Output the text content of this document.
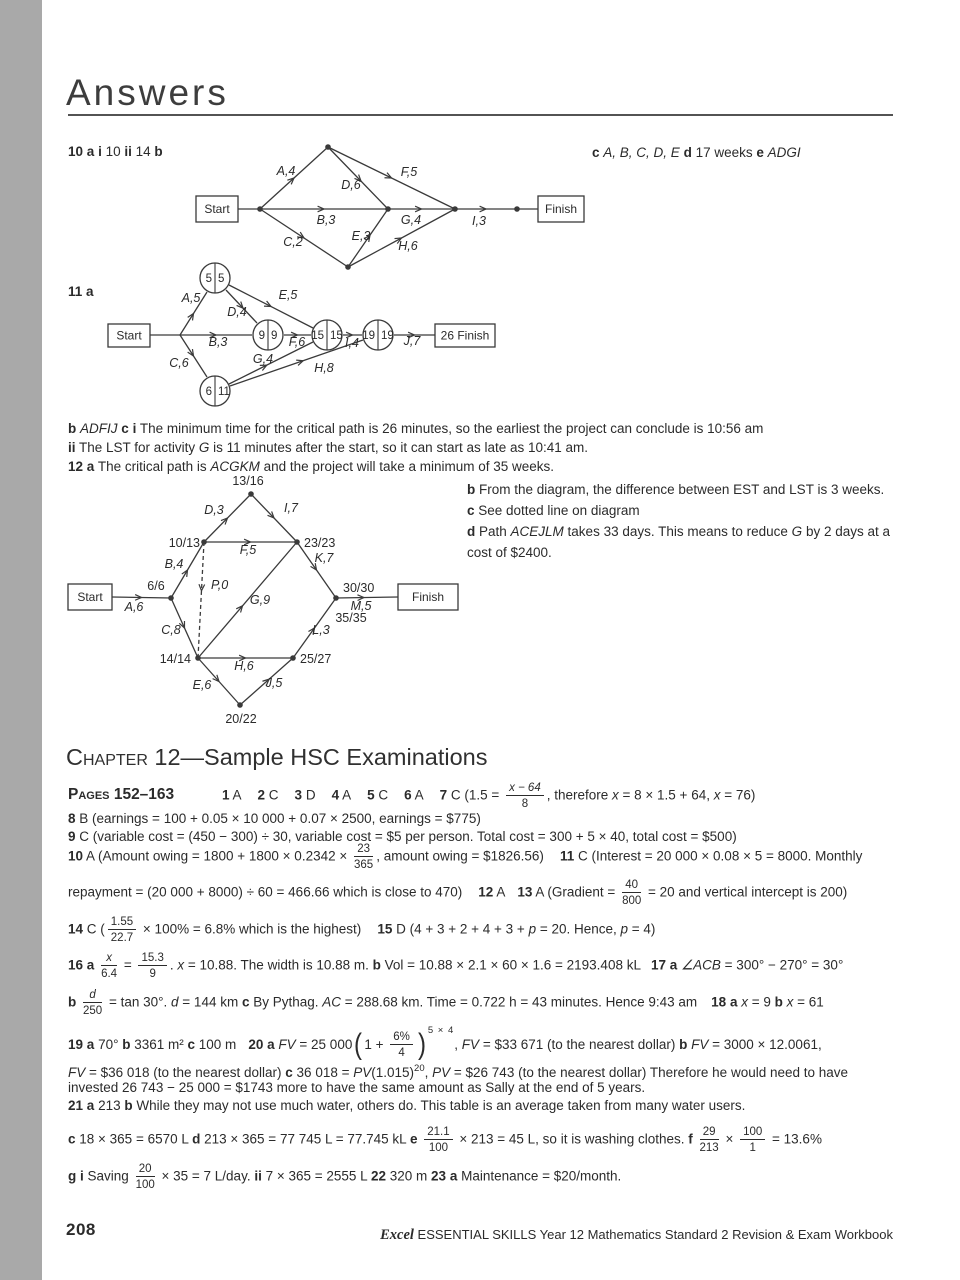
Answers
10 a i 10 ii 14 b	c A, B, C, D, E d 17 weeks e ADGI
A,4
D,6
F,5
B,3
C,2	E,3
H,6
G,4	I,3
Start	Finish
11 a	A,5
B,3
C,6
D,4
E,5
F,6
G,4
H,8
I,4	J,7
5 5
9 9	15 15 19 19
6 11
Start	26 Finish
b ADFIJ c i The minimum time for the critical path is 26 minutes, so the earliest the project can conclude is 10:56 am
ii The LST for activity G is 11 minutes after the start, so it can start as late as 10:41 am.
12 a The critical path is ACGKM and the project will take a minimum of 35 weeks.
A,6
B,4
C,8
D,3	I,7
F,5
P,0
G,9
H,6
E,6	J,5
K,7
L,3
M,5
Start	Finish
6/6
10/13
13/16
23/23
14/14
20/22
25/27
30/30
35/35
b From the diagram, the difference between EST and LST is 3 weeks.
c See dotted line on diagram
d Path ACEJLM takes 33 days. This means to reduce G by 2 days at a
cost of $2400.
Chapter 12—Sample HSC Examinations
Pages 152–163	1 A 2 C 3 D 4 A 5 C 6 A 7 C ($1.5 = \frac{x - 64}{8}$ , therefore x = 8 × 1.5 + 64, x = 76)
8 B (earnings = 100 + 0.05 × 10 000 + 0.07 × 2500, earnings = $775)
9 C (variable cost = (450 − 300) ÷ 30, variable cost = $5 per person. Total cost = 300 + 5 × 40, total cost = $500)
10 A (Amount owing = $1800 + 1800 \times 0.2342 \times \frac{23}{365}$ , amount owing = $1826.56) 11 C (Interest = 20 000 × 0.08 × 5 = 8000. Monthly
repayment = (20 000 + 8000) ÷ 60 = 466.66 which is close to 470) 12 A 13 A (Gradient = $\frac{40}{800} = 20$ and vertical intercept is 200)
14 C ( $\frac{1.55}{22.7} \times 100\% = 6.8\%$ which is the highest) 15 D (4 + 3 + 2 + 4 + 3 + p = 20. Hence, p = 4)
16 a $\frac{x}{6.4} = \frac{15.3}{9}$ . x = 10.88. The width is 10.88 m. b Vol = 10.88 × 2.1 × 60 × 1.6 = 2193.408 kL 17 a ∠ACB = 300° − 270° = 30°
b $\frac{d}{250} = \tan 30^\circ$. d = 144 km c By Pythag. AC = 288.68 km. Time = 0.722 h = 43 minutes. Hence 9:43 am 18 a x = 9 b x = 61
19 a 70° b 3361 m² c 100 m 20 a FV = 25 000( $1 + \frac{6\%}{4}$ ) $^{5 \times 4}$, FV = $33 671 (to the nearest dollar) b FV = 3000 × 12.0061,
FV = $36 018 (to the nearest dollar) c 36 $018 = PV(1.015)^{20}$, PV = $26 743 (to the nearest dollar) Therefore he would need to have
invested 26 743 − 25 000 = $1743 more to have the same amount as Sally at the end of 5 years.
21 a 213 b While they may not use much water, others do. This table is an average taken from many water users.
c 18 × 365 = 6570 L d 213 × 365 = 77 745 L = 77.745 kL e $\frac{21.1}{100} \times 213 = 45$ L, so it is washing clothes. f $\frac{29}{213} \times \frac{100}{1} = 13.6\%$
g i Saving $\frac{20}{100} \times 35 = 7$ L/day. ii 7 × 365 = 2555 L 22 320 m 23 a Maintenance = $20/month.
208	Excel ESSENTIAL SKILLS Year 12 Mathematics Standard 2 Revision & Exam Workbook
